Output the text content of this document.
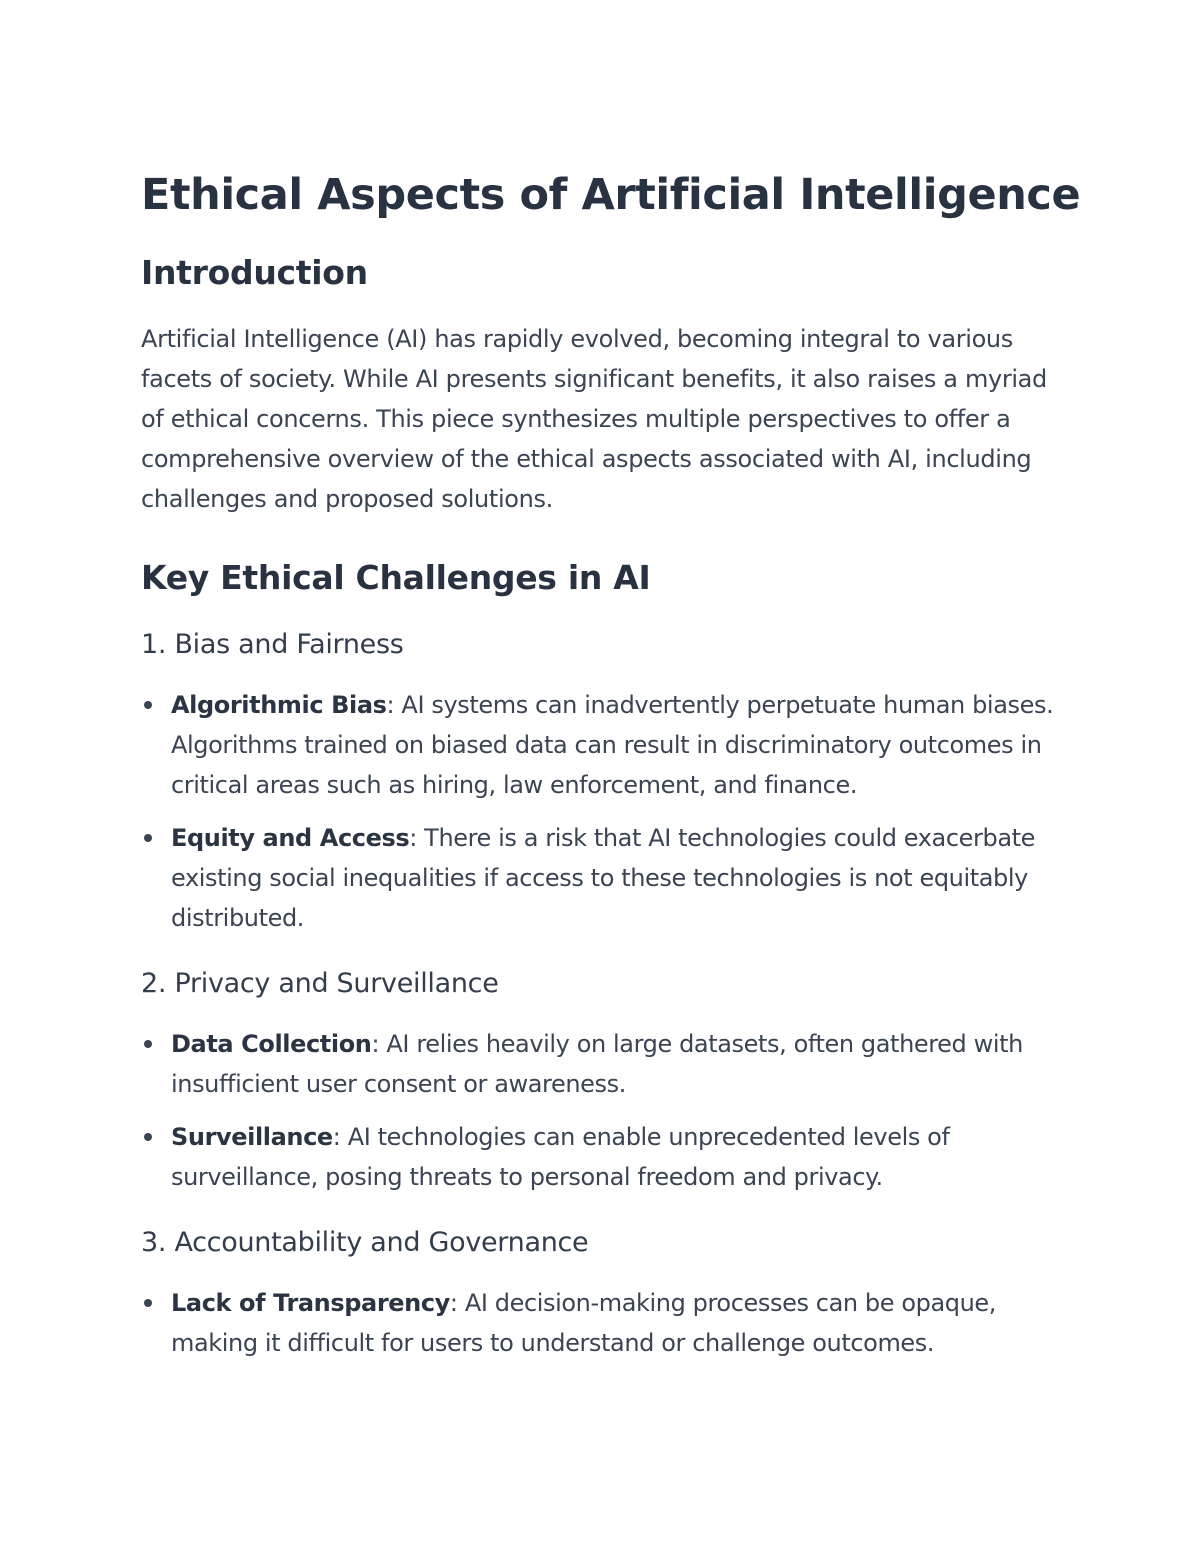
Ethical Aspects of Artificial Intelligence
Introduction

Artificial Intelligence (AI) has rapidly evolved, becoming integral to various facets of society. While AI presents significant benefits, it also raises a myriad of ethical concerns. This piece synthesizes multiple perspectives to offer a comprehensive overview of the ethical aspects associated with AI, including challenges and proposed solutions.

Key Ethical Challenges in AI
1. Bias and Fairness
Algorithmic Bias: AI systems can inadvertently perpetuate human biases. Algorithms trained on biased data can result in discriminatory outcomes in critical areas such as hiring, law enforcement, and finance.
Equity and Access: There is a risk that AI technologies could exacerbate existing social inequalities if access to these technologies is not equitably distributed.
2. Privacy and Surveillance
Data Collection: AI relies heavily on large datasets, often gathered with insufficient user consent or awareness.
Surveillance: AI technologies can enable unprecedented levels of surveillance, posing threats to personal freedom and privacy.
3. Accountability and Governance
Lack of Transparency: AI decision-making processes can be opaque, making it difficult for users to understand or challenge outcomes.
